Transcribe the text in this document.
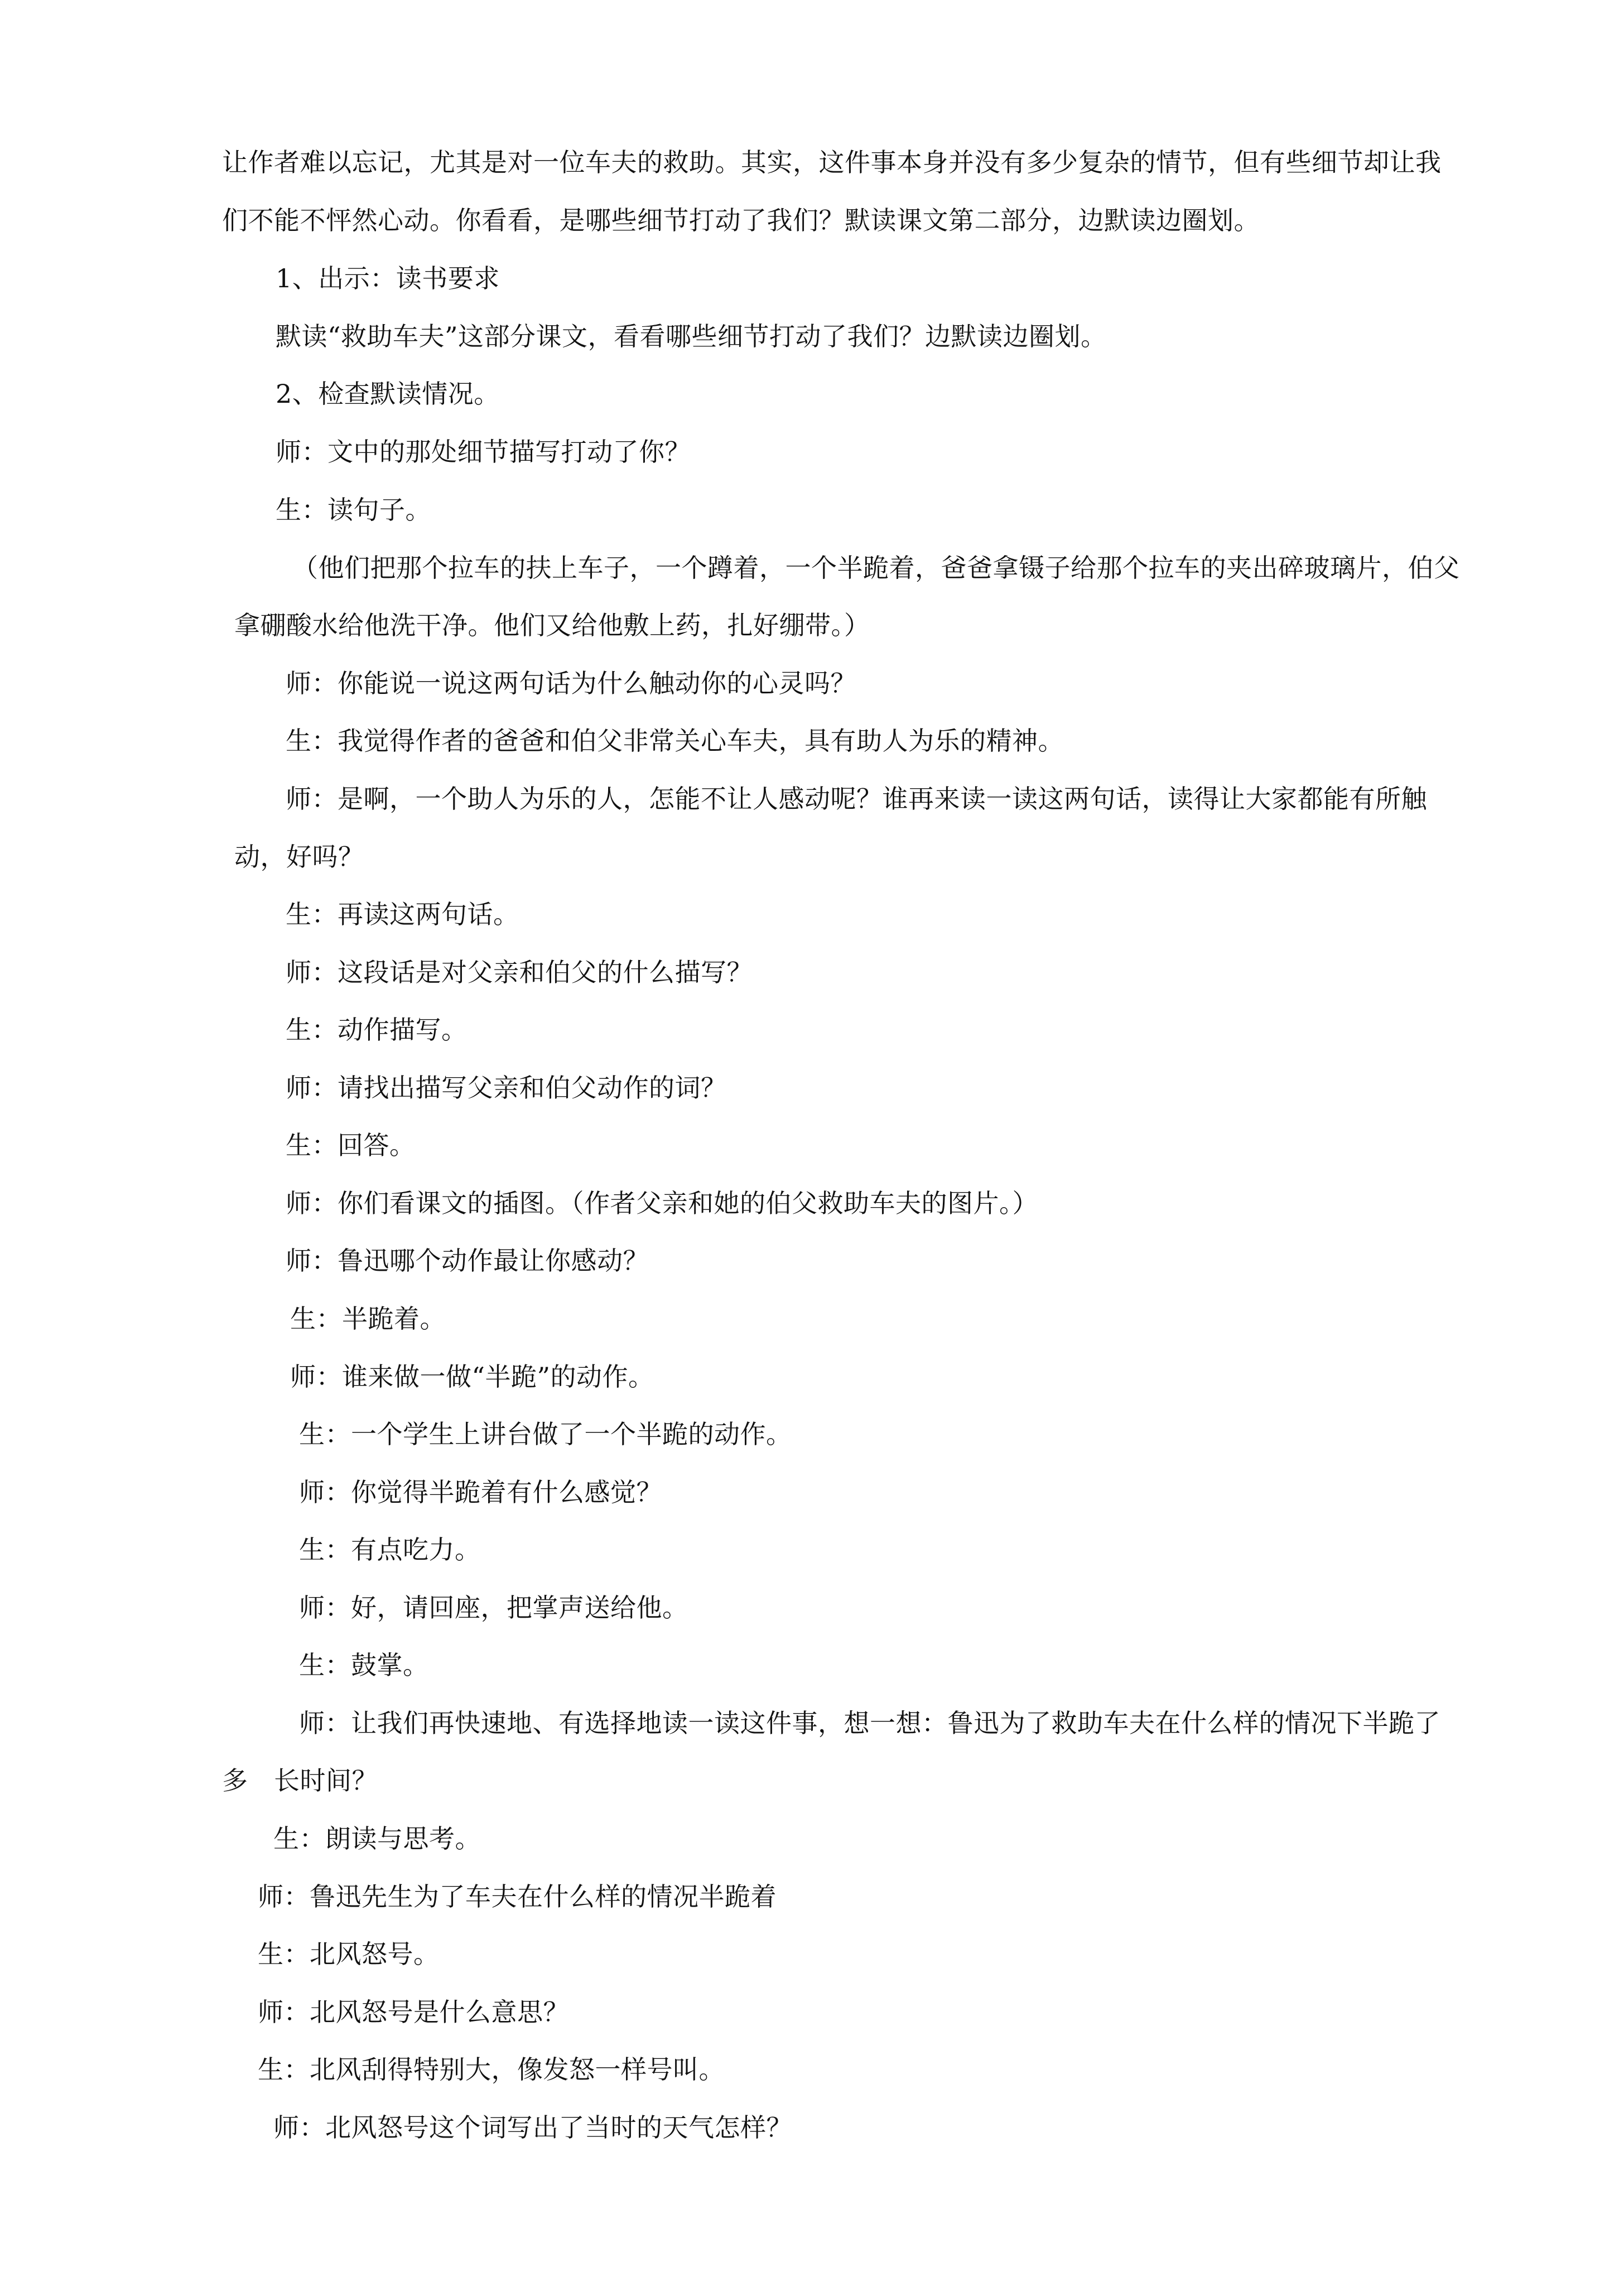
让作者难以忘记，尤其是对一位车夫的救助。其实，这件事本身并没有多少复杂的情节，但有些细节却让我
们不能不怦然心动。你看看，是哪些细节打动了我们？默读课文第二部分，边默读边圈划。
1、出示：读书要求
默读“救助车夫”这部分课文，看看哪些细节打动了我们？边默读边圈划。
2、检查默读情况。
师：文中的那处细节描写打动了你？
生：读句子。
（他们把那个拉车的扶上车子，一个蹲着，一个半跪着，爸爸拿镊子给那个拉车的夹出碎玻璃片，伯父
拿硼酸水给他洗干净。他们又给他敷上药，扎好绷带。）
师：你能说一说这两句话为什么触动你的心灵吗？
生：我觉得作者的爸爸和伯父非常关心车夫，具有助人为乐的精神。
师：是啊，一个助人为乐的人，怎能不让人感动呢？谁再来读一读这两句话，读得让大家都能有所触
动，好吗？
生：再读这两句话。
师：这段话是对父亲和伯父的什么描写？
生：动作描写。
师：请找出描写父亲和伯父动作的词？
生：回答。
师：你们看课文的插图。（作者父亲和她的伯父救助车夫的图片。）
师：鲁迅哪个动作最让你感动？
生：半跪着。
师：谁来做一做“半跪”的动作。
生：一个学生上讲台做了一个半跪的动作。
师：你觉得半跪着有什么感觉？
生：有点吃力。
师：好，请回座，把掌声送给他。
生：鼓掌。
师：让我们再快速地、有选择地读一读这件事，想一想：鲁迅为了救助车夫在什么样的情况下半跪了
多　长时间？
生：朗读与思考。
师：鲁迅先生为了车夫在什么样的情况半跪着
生：北风怒号。
师：北风怒号是什么意思？
生：北风刮得特别大，像发怒一样号叫。
师：北风怒号这个词写出了当时的天气怎样？
